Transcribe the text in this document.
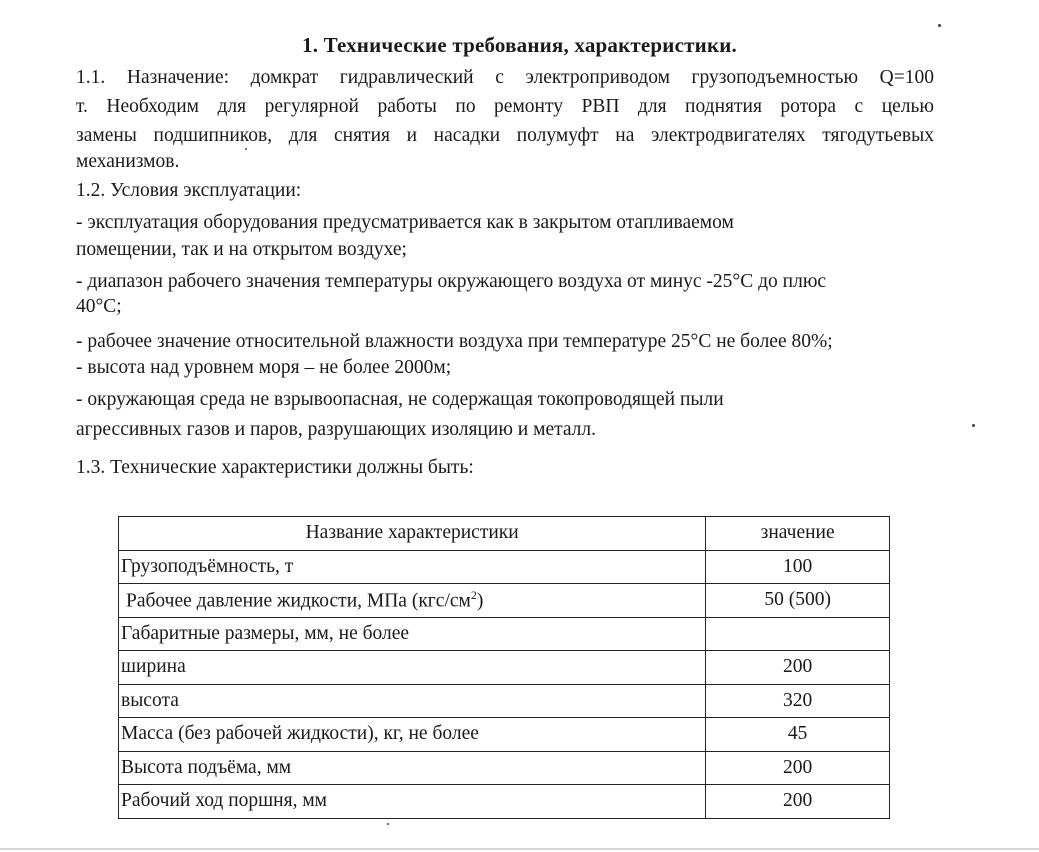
1. Технические требования, характеристики.
1.1. Назначение: домкрат гидравлический с электроприводом грузоподъемностью Q=100
т. Необходим для регулярной работы по ремонту РВП для поднятия ротора с целью
замены подшипников, для снятия и насадки полумуфт на электродвигателях тягодутьевых
механизмов.
1.2. Условия эксплуатации:
- эксплуатация оборудования предусматривается как в закрытом отапливаемом
помещении, так и на открытом воздухе;
- диапазон рабочего значения температуры окружающего воздуха от минус -25°С до плюс
40°С;
- рабочее значение относительной влажности воздуха при температуре 25°С не более 80%;
- высота над уровнем моря – не более 2000м;
- окружающая среда не взрывоопасная, не содержащая токопроводящей пыли
агрессивных газов и паров, разрушающих изоляцию и металл.
1.3. Технические характеристики должны быть:
Название характеристики	значение
Грузоподъёмность, т	100
Рабочее давление жидкости, МПа $(кгс/см^2)$	50 (500)
Габаритные размеры, мм, не более	
ширина	200
высота	320
Масса (без рабочей жидкости), кг, не более	45
Высота подъёма, мм	200
Рабочий ход поршня, мм	200
